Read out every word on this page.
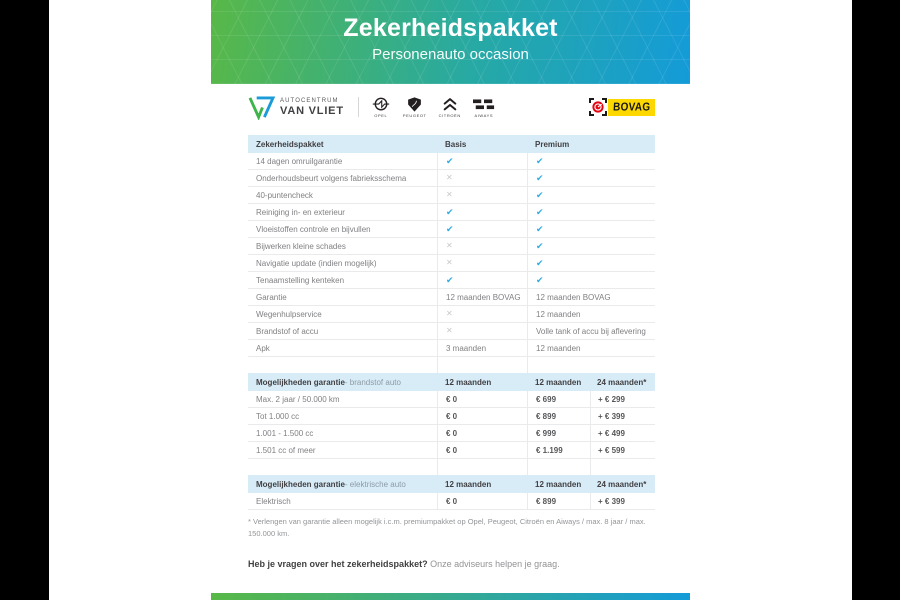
Zekerheidspakket
Personenauto occasion
AUTOCENTRUM
VAN VLIET	OPEL	PEUGEOT	CITROËN	AIWAYS
BOVAG
Zekerheidspakket	Basis	Premium
14 dagen omruilgarantie	✔	✔
Onderhoudsbeurt volgens fabrieksschema	✕	✔
40-puntencheck	✕	✔
Reiniging in- en exterieur	✔	✔
Vloeistoffen controle en bijvullen	✔	✔
Bijwerken kleine schades	✕	✔
Navigatie update (indien mogelijk)	✕	✔
Tenaamstelling kenteken	✔	✔
Garantie	12 maanden BOVAG	12 maanden BOVAG
Wegenhulpservice	✕	12 maanden
Brandstof of accu	✕	Volle tank of accu bij aflevering
Apk	3 maanden	12 maanden
Mogelijkheden garantie - brandstof auto	12 maanden	12 maanden	24 maanden*
Max. 2 jaar / 50.000 km	€ 0	€ 699	+ € 299
Tot 1.000 cc	€ 0	€ 899	+ € 399
1.001 - 1.500 cc	€ 0	€ 999	+ € 499
1.501 cc of meer	€ 0	€ 1.199	+ € 599
Mogelijkheden garantie - elektrische auto	12 maanden	12 maanden	24 maanden*
Elektrisch	€ 0	€ 899	+ € 399
* Verlengen van garantie alleen mogelijk i.c.m. premiumpakket op Opel, Peugeot, Citroën en Aiways / max. 8 jaar / max.
150.000 km.
Heb je vragen over het zekerheidspakket? Onze adviseurs helpen je graag.
